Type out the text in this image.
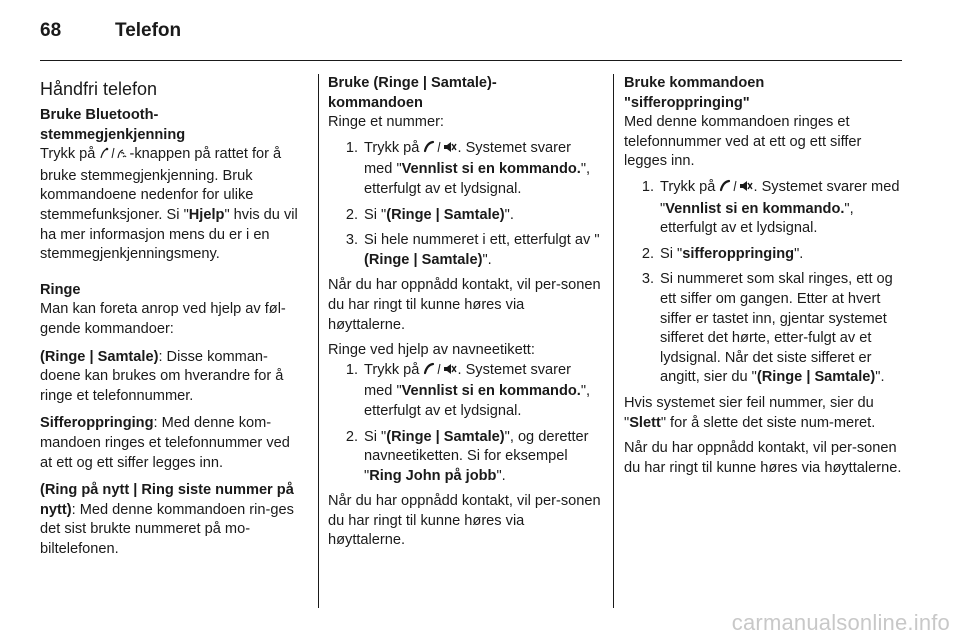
68	Telefon
Håndfri telefon
Bruke Bluetooth-
stemmegjenkjenning

Trykk på -knappen på rattet for å bruke stemmegjenkjenning. Bruk kommandoene nedenfor for ulike stemmefunksjoner. Si "Hjelp" hvis du vil ha mer informasjon mens du er i en stemmegjenkjenningsmeny.

Ringe

Man kan foreta anrop ved hjelp av føl-gende kommandoer:

(Ringe | Samtale): Disse komman-doene kan brukes om hverandre for å ringe et telefonnummer.

Sifferoppringing: Med denne kom-mandoen ringes et telefonnummer ved at ett og ett siffer legges inn.

(Ring på nytt | Ring siste nummer på nytt): Med denne kommandoen rin-ges det sist brukte nummeret på mo-biltelefonen.

Bruke (Ringe | Samtale)-
kommandoen

Ringe et nummer:

1. Trykk på . Systemet svarer med "Vennlist si en kommando.", etterfulgt av et lydsignal.
2. Si "(Ringe | Samtale)".
3. Si hele nummeret i ett, etterfulgt av "(Ringe | Samtale)".

Når du har oppnådd kontakt, vil per-sonen du har ringt til kunne høres via høyttalerne.

Ringe ved hjelp av navneetikett:

1. Trykk på . Systemet svarer med "Vennlist si en kommando.", etterfulgt av et lydsignal.
2. Si "(Ringe | Samtale)", og deretter navneetiketten. Si for eksempel "Ring John på jobb".

Når du har oppnådd kontakt, vil per-sonen du har ringt til kunne høres via høyttalerne.

Bruke kommandoen
"sifferoppringing"

Med denne kommandoen ringes et telefonnummer ved at ett og ett siffer legges inn.

1. Trykk på . Systemet svarer med "Vennlist si en kommando.", etterfulgt av et lydsignal.
2. Si "sifferoppringing".
3. Si nummeret som skal ringes, ett og ett siffer om gangen. Etter at hvert siffer er tastet inn, gjentar systemet sifferet det hørte, etter-fulgt av et lydsignal. Når det siste sifferet er angitt, sier du "(Ringe | Samtale)".

Hvis systemet sier feil nummer, sier du "Slett" for å slette det siste num-meret.

Når du har oppnådd kontakt, vil per-sonen du har ringt til kunne høres via høyttalerne.

carmanualsonline.info
